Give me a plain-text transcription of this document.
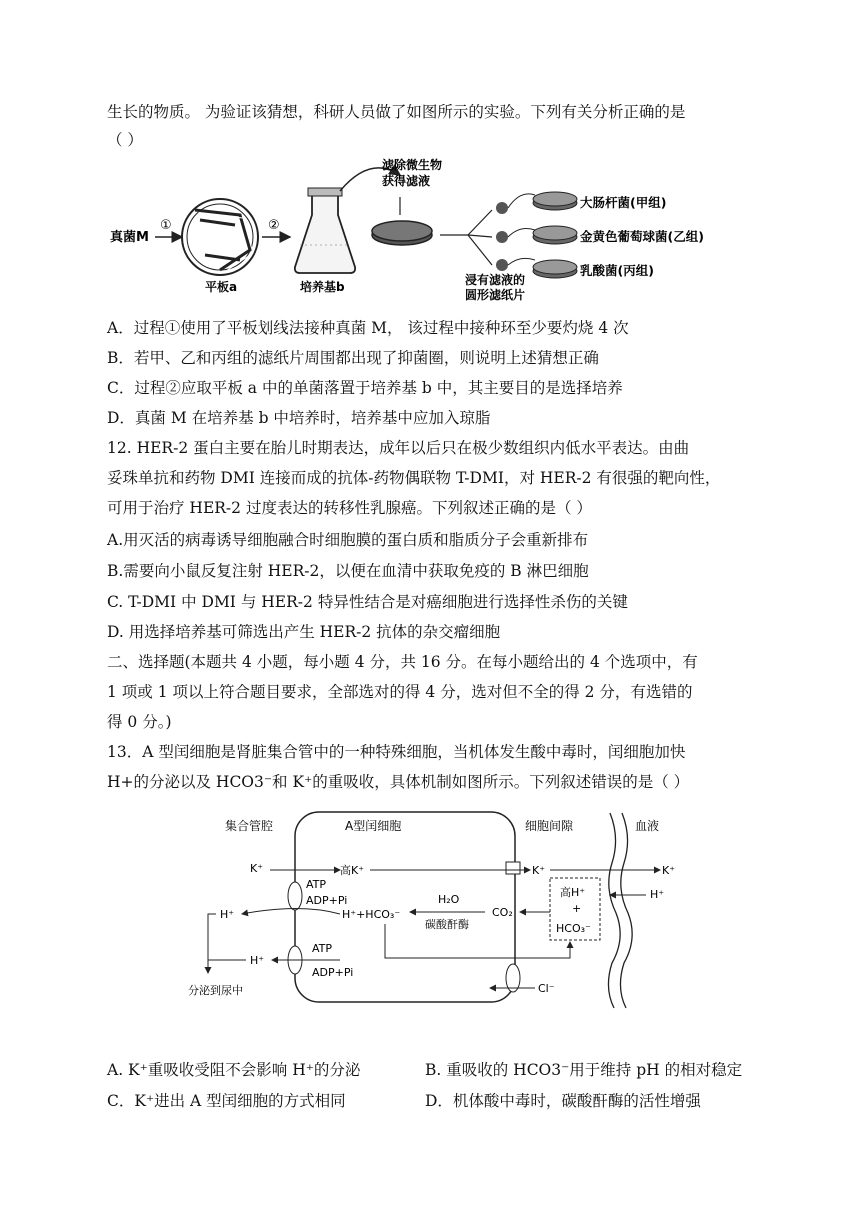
生长的物质。 为验证该猜想，科研人员做了如图所示的实验。下列有关分析正确的是
（ ）
真菌M
①
平板a
②
培养基b
滤除微生物
获得滤液
大肠杆菌(甲组)
金黄色葡萄球菌(乙组)
乳酸菌(丙组)
浸有滤液的
圆形滤纸片
A．过程①使用了平板划线法接种真菌 M， 该过程中接种环至少要灼烧 4 次
B．若甲、乙和丙组的滤纸片周围都出现了抑菌圈，则说明上述猜想正确
C．过程②应取平板 a 中的单菌落置于培养基 b 中，其主要目的是选择培养
D．真菌 M 在培养基 b 中培养时，培养基中应加入琼脂
12. HER-2 蛋白主要在胎儿时期表达，成年以后只在极少数组织内低水平表达。由曲
妥珠单抗和药物 DMI 连接而成的抗体-药物偶联物 T-DMI，对 HER-2 有很强的靶向性，
可用于治疗 HER-2 过度表达的转移性乳腺癌。下列叙述正确的是（ ）
A.用灭活的病毒诱导细胞融合时细胞膜的蛋白质和脂质分子会重新排布
B.需要向小鼠反复注射 HER-2，以便在血清中获取免疫的 B 淋巴细胞
C. T-DMI 中 DMI 与 HER-2 特异性结合是对癌细胞进行选择性杀伤的关键
D. 用选择培养基可筛选出产生 HER-2 抗体的杂交瘤细胞
二、选择题(本题共 4 小题，每小题 4 分，共 16 分。在每小题给出的 4 个选项中，有
1 项或 1 项以上符合题目要求，全部选对的得 4 分，选对但不全的得 2 分，有选错的
得 0 分。)
13．A 型闰细胞是肾脏集合管中的一种特殊细胞，当机体发生酸中毒时，闰细胞加快
H+的分泌以及 HCO3⁻和 K⁺的重吸收，具体机制如图所示。下列叙述错误的是（ ）
集合管腔	A型闰细胞	细胞间隙	血液
K⁺	高K⁺	K⁺	K⁺
H⁺
ATP
ADP+Pi
H⁺	H⁺+HCO₃⁻
H₂O
碳酸酐酶
CO₂
高H⁺
+
HCO₃⁻
ATP
ADP+Pi
H⁺
分泌到尿中	Cl⁻
A. K⁺重吸收受阻不会影响 H⁺的分泌	B. 重吸收的 HCO3⁻用于维持 pH 的相对稳定
C．K⁺进出 A 型闰细胞的方式相同	D．机体酸中毒时，碳酸酐酶的活性增强
